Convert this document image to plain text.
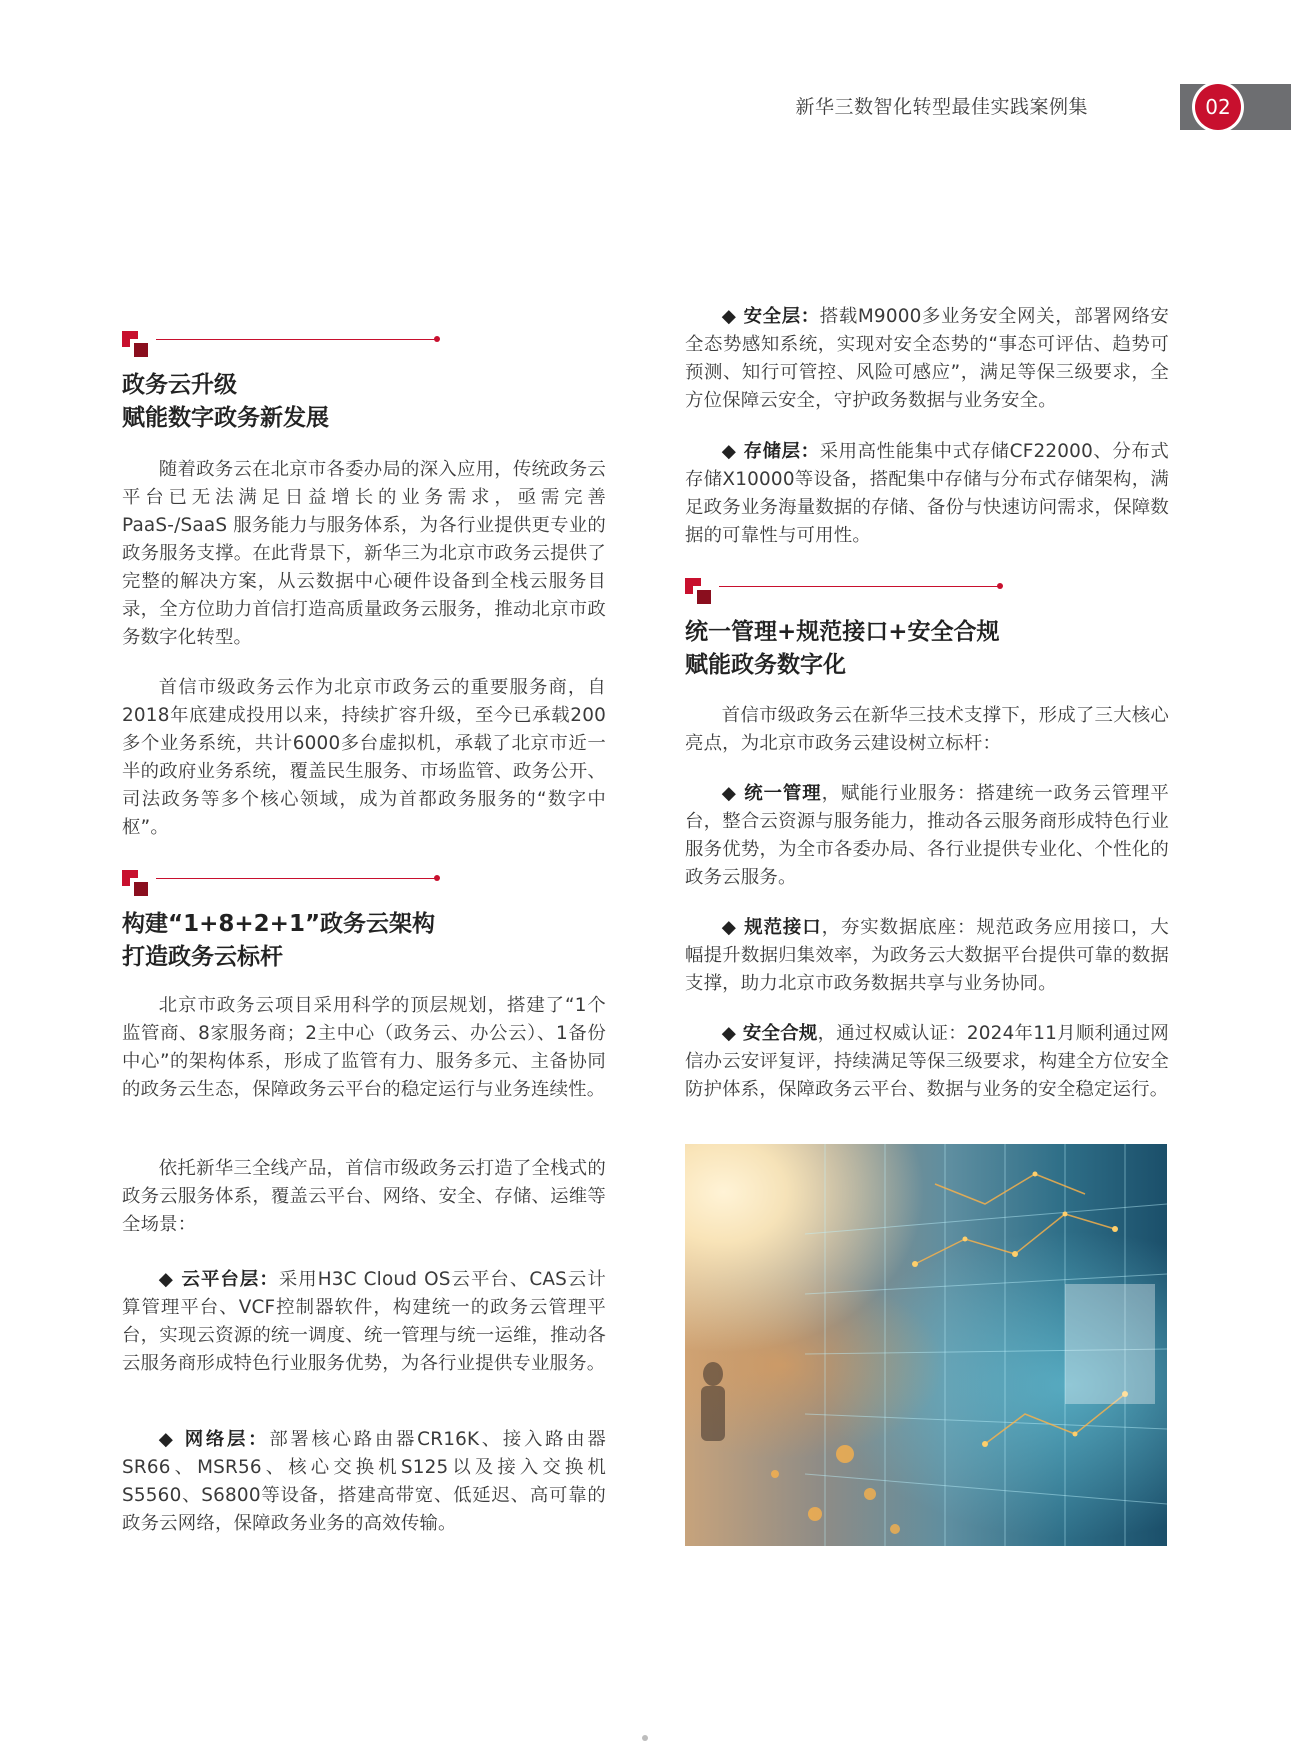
新华三数智化转型最佳实践案例集	02
政务云升级
赋能数字政务新发展

随着政务云在北京市各委办局的深入应用，传统政务云平台已无法满足日益增长的业务需求，亟需完善 PaaS-/SaaS 服务能力与服务体系，为各行业提供更专业的政务服务支撑。在此背景下，新华三为北京市政务云提供了完整的解决方案，从云数据中心硬件设备到全栈云服务目录，全方位助力首信打造高质量政务云服务，推动北京市政务数字化转型。

首信市级政务云作为北京市政务云的重要服务商，自2018年底建成投用以来，持续扩容升级，至今已承载200多个业务系统，共计6000多台虚拟机，承载了北京市近一半的政府业务系统，覆盖民生服务、市场监管、政务公开、司法政务等多个核心领域，成为首都政务服务的“数字中枢”。

构建“1+8+2+1”政务云架构
打造政务云标杆

北京市政务云项目采用科学的顶层规划，搭建了“1个监管商、8家服务商；2主中心（政务云、办公云）、1备份中心”的架构体系，形成了监管有力、服务多元、主备协同的政务云生态，保障政务云平台的稳定运行与业务连续性。

依托新华三全线产品，首信市级政务云打造了全栈式的政务云服务体系，覆盖云平台、网络、安全、存储、运维等全场景：

◆ 云平台层：采用H3C Cloud OS云平台、CAS云计算管理平台、VCF控制器软件，构建统一的政务云管理平台，实现云资源的统一调度、统一管理与统一运维，推动各云服务商形成特色行业服务优势，为各行业提供专业服务。

◆ 网络层：部署核心路由器CR16K、接入路由器SR66、MSR56、核心交换机S125以及接入交换机S5560、S6800等设备，搭建高带宽、低延迟、高可靠的政务云网络，保障政务业务的高效传输。

◆ 安全层：搭载M9000多业务安全网关，部署网络安全态势感知系统，实现对安全态势的“事态可评估、趋势可预测、知行可管控、风险可感应”，满足等保三级要求，全方位保障云安全，守护政务数据与业务安全。

◆ 存储层：采用高性能集中式存储CF22000、分布式存储X10000等设备，搭配集中存储与分布式存储架构，满足政务业务海量数据的存储、备份与快速访问需求，保障数据的可靠性与可用性。

统一管理+规范接口+安全合规
赋能政务数字化

首信市级政务云在新华三技术支撑下，形成了三大核心亮点，为北京市政务云建设树立标杆：

◆ 统一管理，赋能行业服务：搭建统一政务云管理平台，整合云资源与服务能力，推动各云服务商形成特色行业服务优势，为全市各委办局、各行业提供专业化、个性化的政务云服务。

◆ 规范接口，夯实数据底座：规范政务应用接口，大幅提升数据归集效率，为政务云大数据平台提供可靠的数据支撑，助力北京市政务数据共享与业务协同。

◆ 安全合规，通过权威认证：2024年11月顺利通过网信办云安评复评，持续满足等保三级要求，构建全方位安全防护体系，保障政务云平台、数据与业务的安全稳定运行。
